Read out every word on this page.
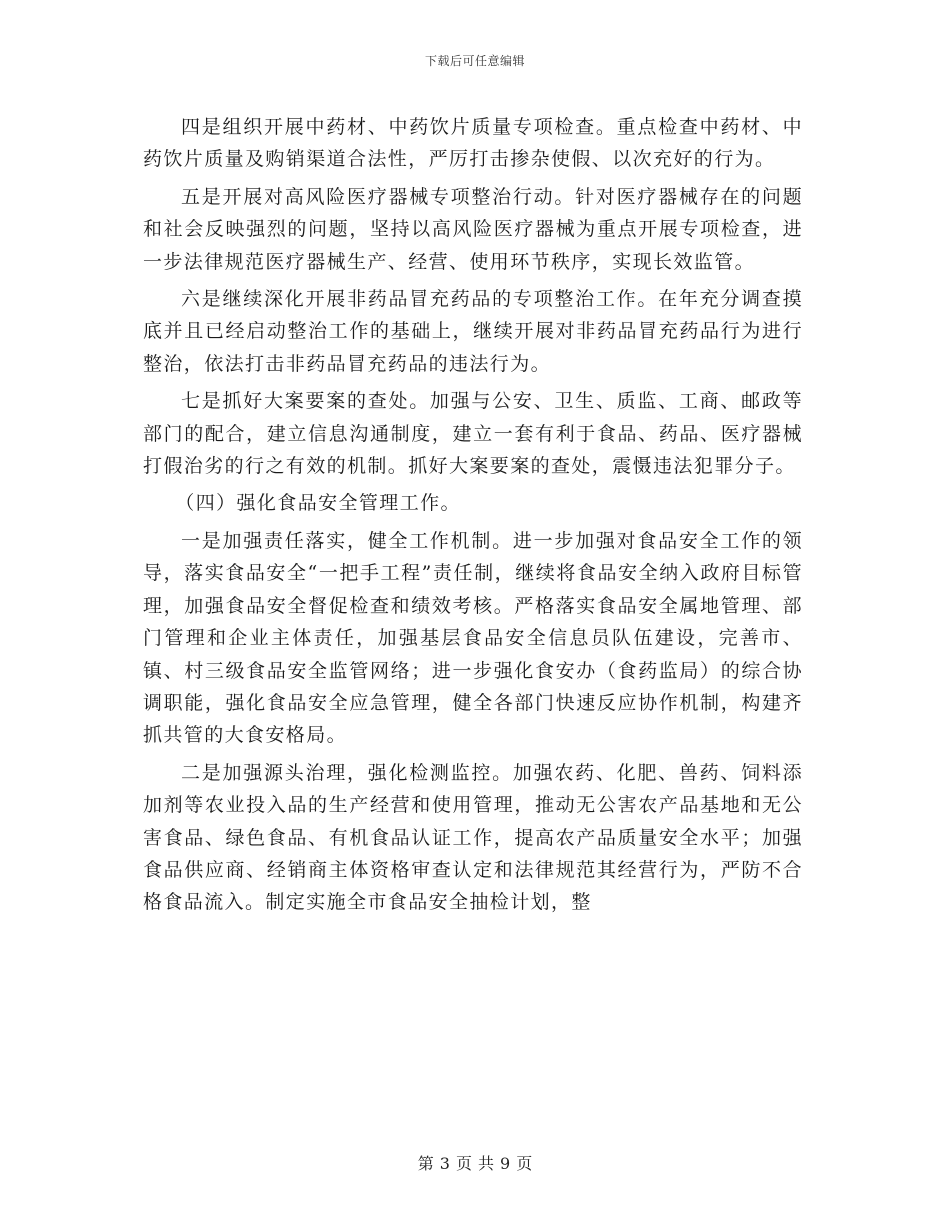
下载后可任意编辑

四是组织开展中药材、中药饮片质量专项检查。重点检查中药材、中药饮片质量及购销渠道合法性，严厉打击掺杂使假、以次充好的行为。

五是开展对高风险医疗器械专项整治行动。针对医疗器械存在的问题和社会反映强烈的问题，坚持以高风险医疗器械为重点开展专项检查，进一步法律规范医疗器械生产、经营、使用环节秩序，实现长效监管。

六是继续深化开展非药品冒充药品的专项整治工作。在年充分调查摸底并且已经启动整治工作的基础上，继续开展对非药品冒充药品行为进行整治，依法打击非药品冒充药品的违法行为。

七是抓好大案要案的查处。加强与公安、卫生、质监、工商、邮政等部门的配合，建立信息沟通制度，建立一套有利于食品、药品、医疗器械打假治劣的行之有效的机制。抓好大案要案的查处，震慑违法犯罪分子。

（四）强化食品安全管理工作。

一是加强责任落实，健全工作机制。进一步加强对食品安全工作的领导，落实食品安全“一把手工程”责任制，继续将食品安全纳入政府目标管理，加强食品安全督促检查和绩效考核。严格落实食品安全属地管理、部门管理和企业主体责任，加强基层食品安全信息员队伍建设，完善市、镇、村三级食品安全监管网络；进一步强化食安办（食药监局）的综合协调职能，强化食品安全应急管理，健全各部门快速反应协作机制，构建齐抓共管的大食安格局。

二是加强源头治理，强化检测监控。加强农药、化肥、兽药、饲料添加剂等农业投入品的生产经营和使用管理，推动无公害农产品基地和无公害食品、绿色食品、有机食品认证工作，提高农产品质量安全水平；加强食品供应商、经销商主体资格审查认定和法律规范其经营行为，严防不合格食品流入。制定实施全市食品安全抽检计划，整

第 3 页 共 9 页
